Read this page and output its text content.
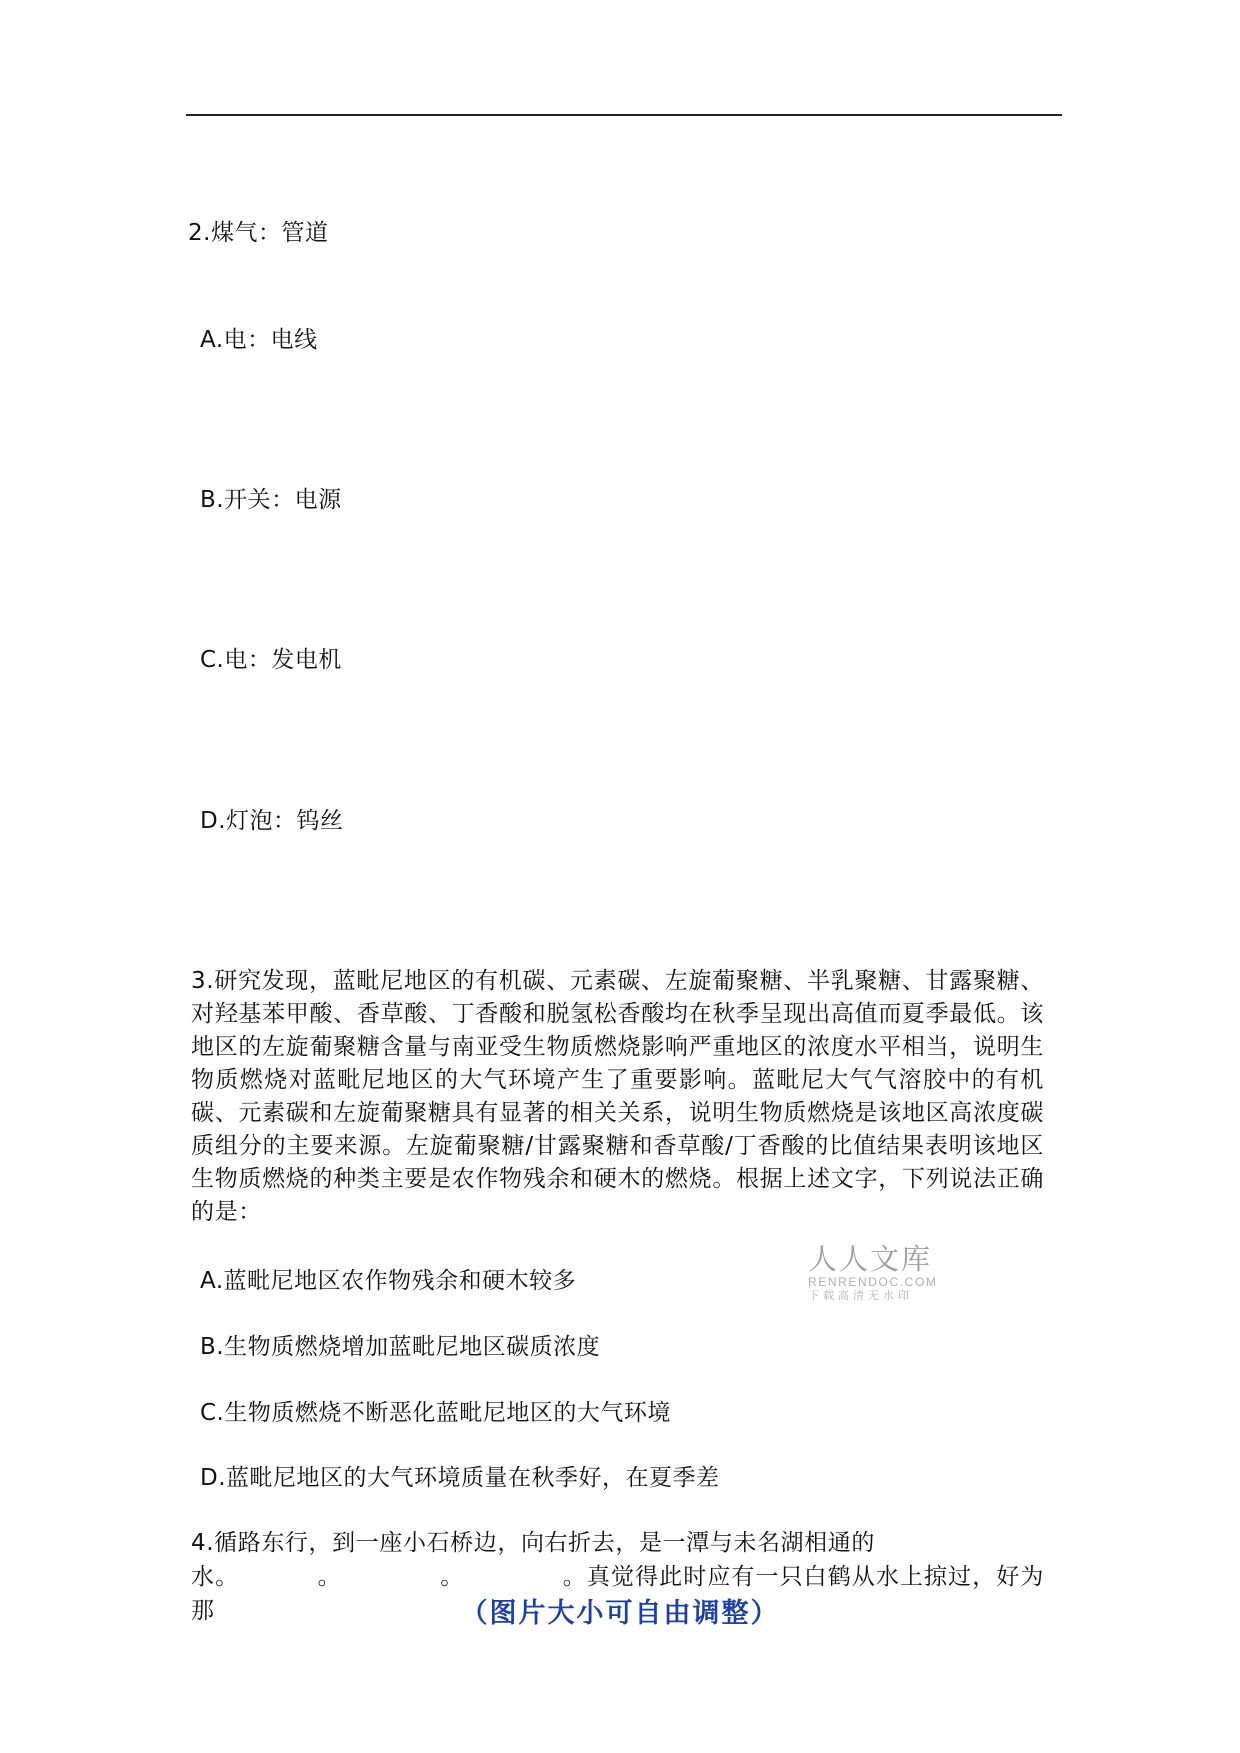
2.煤气：管道
A.电：电线
B.开关：电源
C.电：发电机
D.灯泡：钨丝
3.研究发现，蓝毗尼地区的有机碳、元素碳、左旋葡聚糖、半乳聚糖、甘露聚糖、对羟基苯甲酸、香草酸、丁香酸和脱氢松香酸均在秋季呈现出高值而夏季最低。该地区的左旋葡聚糖含量与南亚受生物质燃烧影响严重地区的浓度水平相当，说明生物质燃烧对蓝毗尼地区的大气环境产生了重要影响。蓝毗尼大气气溶胶中的有机碳、元素碳和左旋葡聚糖具有显著的相关关系，说明生物质燃烧是该地区高浓度碳质组分的主要来源。左旋葡聚糖/甘露聚糖和香草酸/丁香酸的比值结果表明该地区生物质燃烧的种类主要是农作物残余和硬木的燃烧。根据上述文字，下列说法正确的是：
A.蓝毗尼地区农作物残余和硬木较多
B.生物质燃烧增加蓝毗尼地区碳质浓度
C.生物质燃烧不断恶化蓝毗尼地区的大气环境
D.蓝毗尼地区的大气环境质量在秋季好，在夏季差
人人文库
RENRENDOC.COM
下载高清无水印
4.循路东行，到一座小石桥边，向右折去，是一潭与未名湖相通的
水。	。	。	。真觉得此时应有一只白鹤从水上掠过，好为那	（图片大小可自由调整）
